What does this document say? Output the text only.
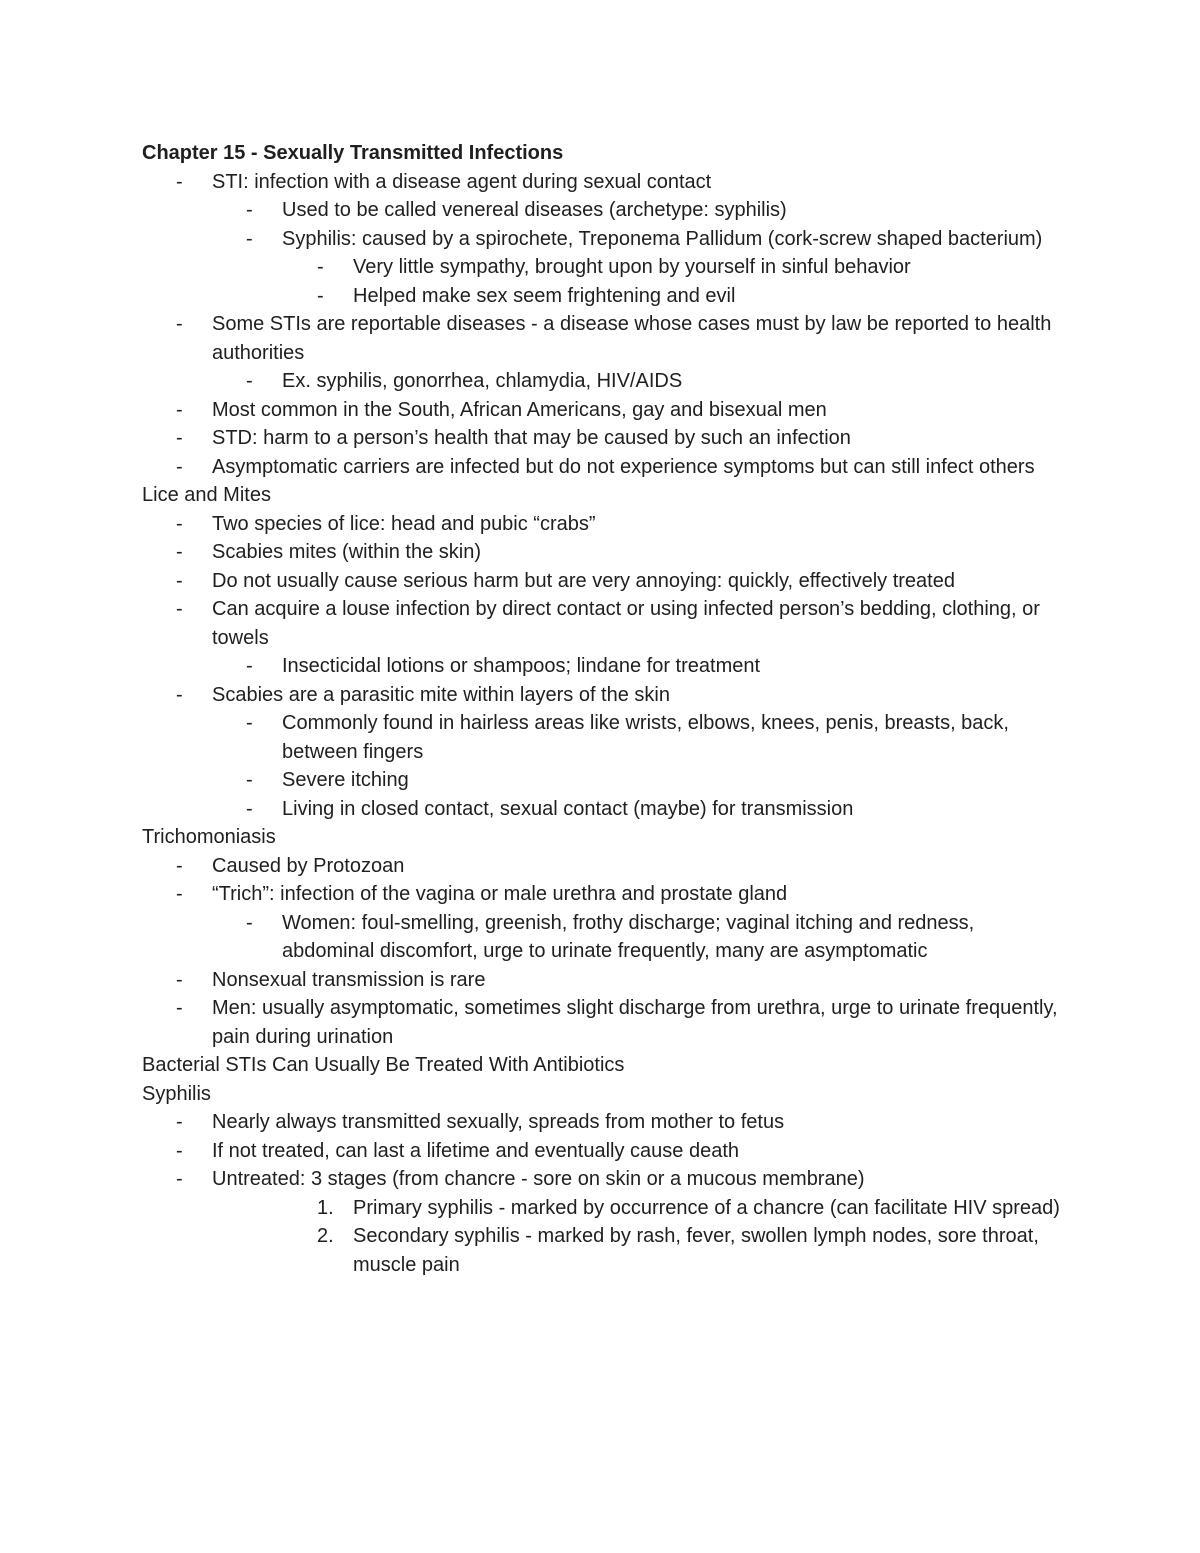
Chapter 15 - Sexually Transmitted Infections

- STI: infection with a disease agent during sexual contact
- Used to be called venereal diseases (archetype: syphilis)
- Syphilis: caused by a spirochete, Treponema Pallidum (cork-screw shaped bacterium)
- Very little sympathy, brought upon by yourself in sinful behavior
- Helped make sex seem frightening and evil
- Some STIs are reportable diseases - a disease whose cases must by law be reported to health authorities
- Ex. syphilis, gonorrhea, chlamydia, HIV/AIDS
- Most common in the South, African Americans, gay and bisexual men
- STD: harm to a person’s health that may be caused by such an infection
- Asymptomatic carriers are infected but do not experience symptoms but can still infect others

Lice and Mites

- Two species of lice: head and pubic “crabs”
- Scabies mites (within the skin)
- Do not usually cause serious harm but are very annoying: quickly, effectively treated
- Can acquire a louse infection by direct contact or using infected person’s bedding, clothing, or towels
- Insecticidal lotions or shampoos; lindane for treatment
- Scabies are a parasitic mite within layers of the skin
- Commonly found in hairless areas like wrists, elbows, knees, penis, breasts, back, between fingers
- Severe itching
- Living in closed contact, sexual contact (maybe) for transmission

Trichomoniasis

- Caused by Protozoan
- “Trich”: infection of the vagina or male urethra and prostate gland
- Women: foul-smelling, greenish, frothy discharge; vaginal itching and redness, abdominal discomfort, urge to urinate frequently, many are asymptomatic
- Nonsexual transmission is rare
- Men: usually asymptomatic, sometimes slight discharge from urethra, urge to urinate frequently, pain during urination

Bacterial STIs Can Usually Be Treated With Antibiotics

Syphilis

- Nearly always transmitted sexually, spreads from mother to fetus
- If not treated, can last a lifetime and eventually cause death
- Untreated: 3 stages (from chancre - sore on skin or a mucous membrane)
1. Primary syphilis - marked by occurrence of a chancre (can facilitate HIV spread)
2. Secondary syphilis - marked by rash, fever, swollen lymph nodes, sore throat, muscle pain
